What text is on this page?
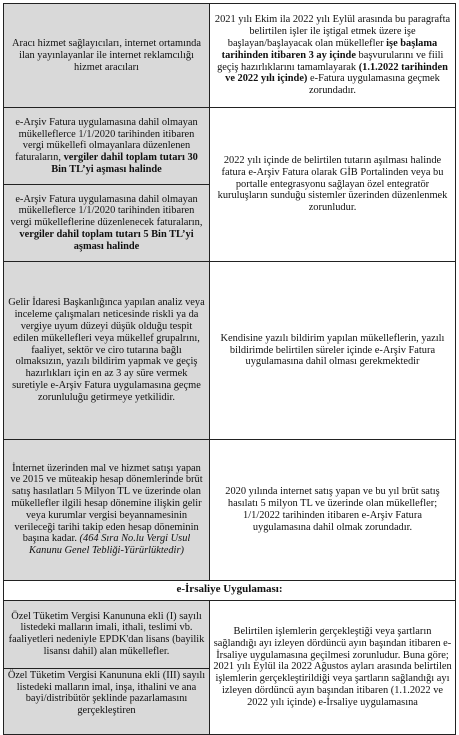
Aracı hizmet sağlayıcıları, internet ortamında ilan yayınlayanlar ile internet reklamcılığı hizmet aracıları	2021 yılı Ekim ila 2022 yılı Eylül arasında bu paragrafta belirtilen işler ile iştigal etmek üzere işe başlayan/başlayacak olan mükellefler işe başlama tarihinden itibaren 3 ay içinde başvurularını ve fiili geçiş hazırlıklarını tamamlayarak (1.1.2022 tarihinden ve 2022 yılı içinde) e-Fatura uygulamasına geçmek zorundadır.
e-Arşiv Fatura uygulamasına dahil olmayan mükelleflerce 1/1/2020 tarihinden itibaren vergi mükellefi olmayanlara düzenlenen faturaların, vergiler dahil toplam tutarı 30 Bin TL’yi aşması halinde	2022 yılı içinde de belirtilen tutarın aşılması halinde fatura e-Arşiv Fatura olarak GİB Portalinden veya bu portalle entegrasyonu sağlayan özel entegratör kuruluşların sunduğu sistemler üzerinden düzenlenmek zorunludur.
e-Arşiv Fatura uygulamasına dahil olmayan mükelleflerce 1/1/2020 tarihinden itibaren vergi mükelleflerine düzenlenecek faturaların, vergiler dahil toplam tutarı 5 Bin TL’yi aşması halinde	
Gelir İdaresi Başkanlığınca yapılan analiz veya inceleme çalışmaları neticesinde riskli ya da vergiye uyum düzeyi düşük olduğu tespit edilen mükellefleri veya mükellef grupalrını, faaliyet, sektör ve ciro tutarına bağlı olmaksızın, yazılı bildirim yapmak ve geçiş hazırlıkları için en az 3 ay süre vermek suretiyle e-Arşiv Fatura uygulamasına geçme zorunluluğu getirmeye yetkilidir.	Kendisine yazılı bildirim yapılan mükelleflerin, yazılı bildirimde belirtilen süreler içinde e-Arşiv Fatura uygulamasına dahil olması gerekmektedir
İnternet üzerinden mal ve hizmet satışı yapan ve 2015 ve müteakip hesap dönemlerinde brüt satış hasılatları 5 Milyon TL ve üzerinde olan mükellefler ilgili hesap dönemine ilişkin gelir veya kurumlar vergisi beyannamesinin verileceği tarihi takip eden hesap döneminin başına kadar. (464 Sıra No.lu Vergi Usul Kanunu Genel Tebliği-Yürürlüktedir)	2020 yılında internet satış yapan ve bu yıl brüt satış hasılatı 5 milyon TL ve üzerinde olan mükellefler; 1/1/2022 tarihinden itibaren e-Arşiv Fatura uygulamasına dahil olmak zorundadır.
e-İrsaliye Uygulaması:	
Özel Tüketim Vergisi Kanununa ekli (I) sayılı listedeki malların imali, ithali, teslimi vb. faaliyetleri nedeniyle EPDK'dan lisans (bayilik lisansı dahil) alan mükellefler.	Belirtilen işlemlerin gerçekleştiği veya şartların sağlandığı ayı izleyen dördüncü ayın başından itibaren e-İrsaliye uygulamasına geçilmesi zorunludur. Buna göre; 2021 yılı Eylül ila 2022 Ağustos ayları arasında belirtilen işlemlerin gerçekleştirildiği veya şartların sağlandığı ayı izleyen dördüncü ayın başından itibaren (1.1.2022 ve 2022 yılı içinde) e-İrsaliye uygulamasına
Özel Tüketim Vergisi Kanununa ekli (III) sayılı listedeki malların imal, inşa, ithalini ve ana bayi/distribütör şeklinde pazarlamasını gerçekleştiren	
